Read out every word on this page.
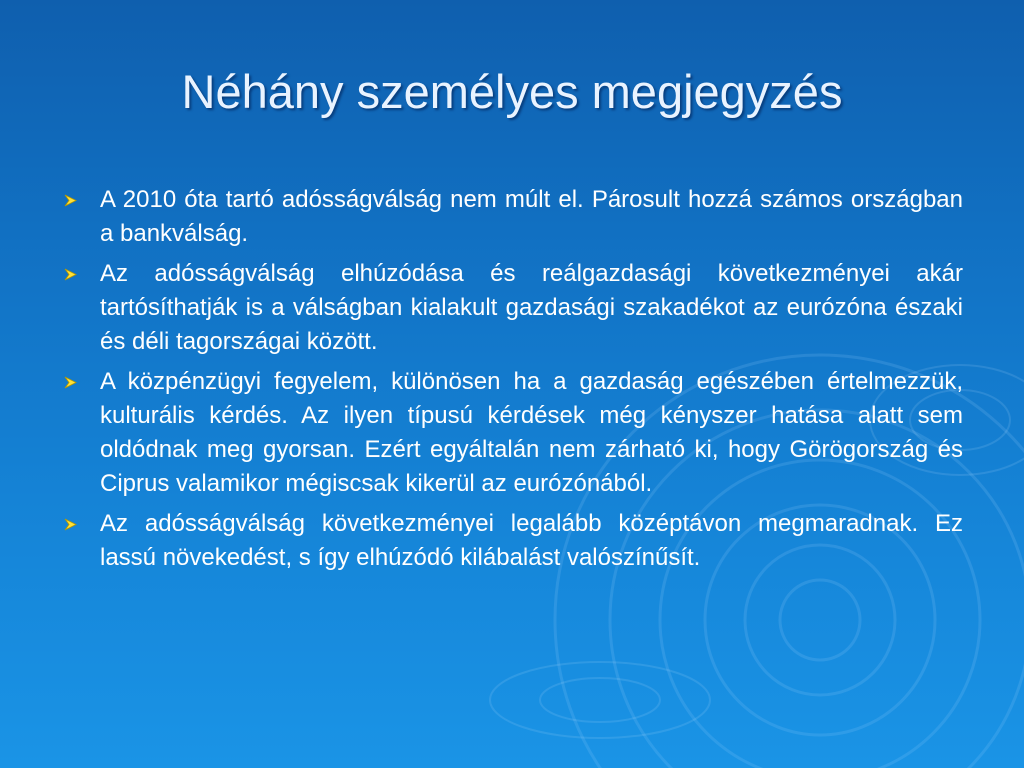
Néhány személyes megjegyzés
A 2010 óta tartó adósságválság nem múlt el. Párosult hozzá számos országban a bankválság.
Az adósságválság elhúzódása és reálgazdasági következményei akár tartósíthatják is a válságban kialakult gazdasági szakadékot az eurózóna északi és déli tagországai között.
A közpénzügyi fegyelem, különösen ha a gazdaság egészében értelmezzük, kulturális kérdés. Az ilyen típusú kérdések még kényszer hatása alatt sem oldódnak meg gyorsan. Ezért egyáltalán nem zárható ki, hogy Görögország és Ciprus valamikor mégiscsak kikerül az eurózónából.
Az adósságválság következményei legalább középtávon megmaradnak. Ez lassú növekedést, s így elhúzódó kilábalást valószínűsít.
